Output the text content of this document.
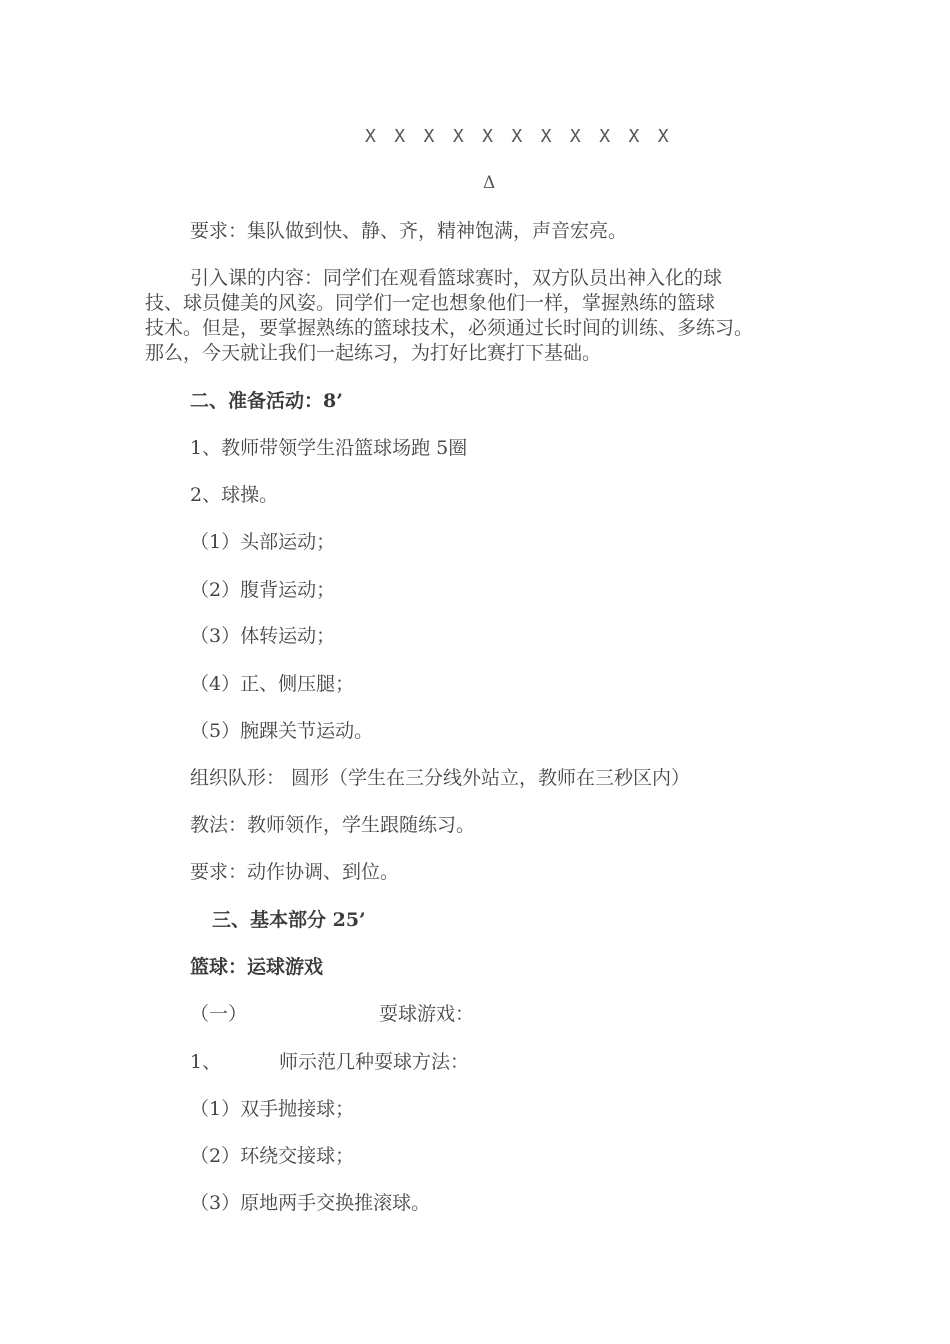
X X X X X X X X X X X
Δ
要求：集队做到快、静、齐，精神饱满，声音宏亮。
引入课的内容：同学们在观看篮球赛时，双方队员出神入化的球
技、球员健美的风姿。同学们一定也想象他们一样，掌握熟练的篮球
技术。但是，要掌握熟练的篮球技术，必须通过长时间的训练、多练习。
那么，今天就让我们一起练习，为打好比赛打下基础。
二、准备活动：8’
1、教师带领学生沿篮球场跑 5圈
2、球操。
（1）头部运动；
（2）腹背运动；
（3）体转运动；
（4）正、侧压腿；
（5）腕踝关节运动。
组织队形： 圆形（学生在三分线外站立，教师在三秒区内）
教法：教师领作，学生跟随练习。
要求：动作协调、到位。
三、基本部分 25’
篮球：运球游戏
（一）	耍球游戏：
1、	师示范几种耍球方法：
（1）双手抛接球；
（2）环绕交接球；
（3）原地两手交换推滚球。
